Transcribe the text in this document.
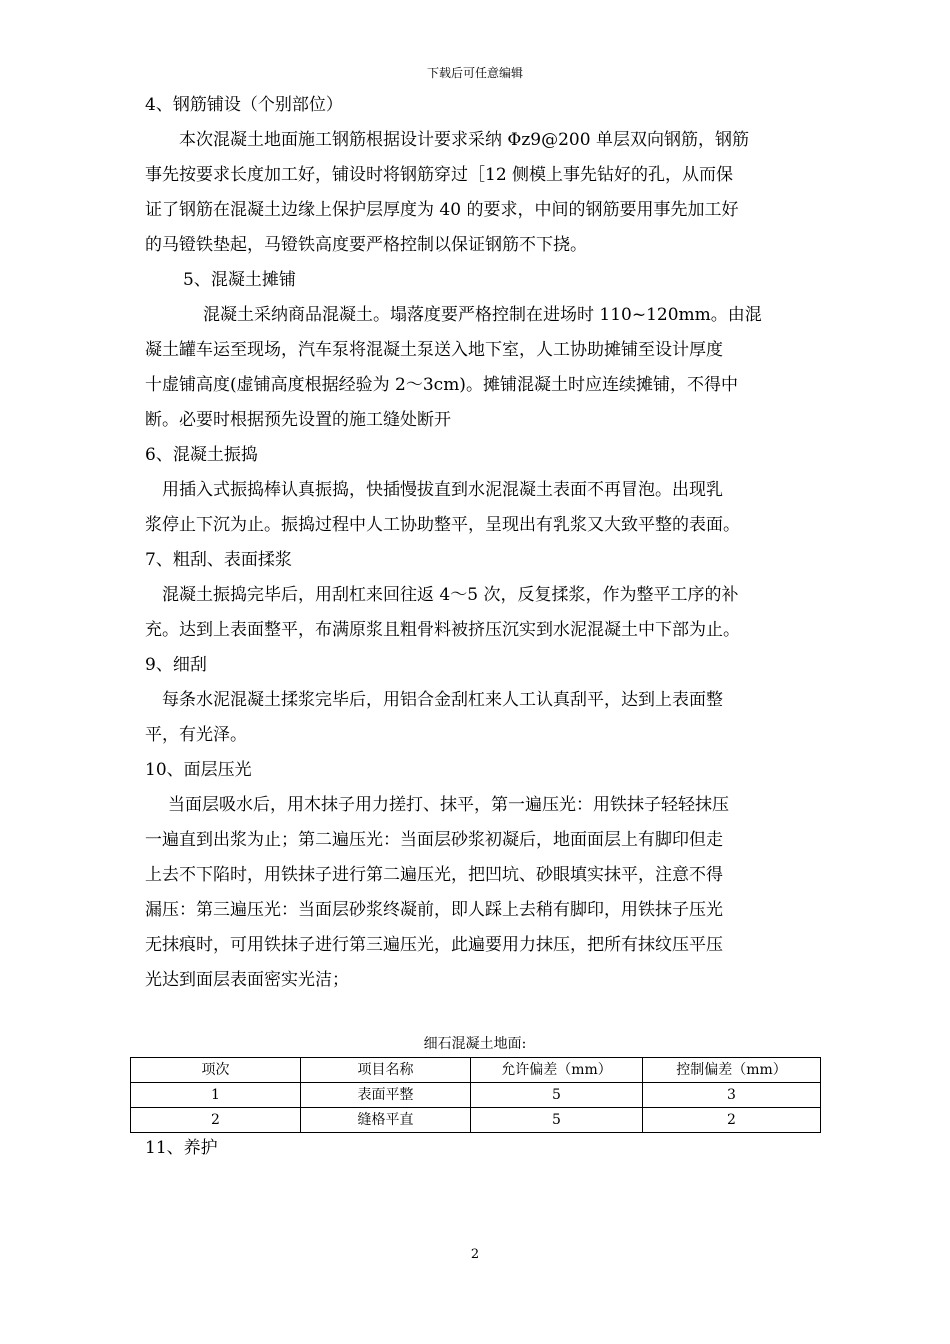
下载后可任意编辑
4、钢筋铺设（个别部位）
本次混凝土地面施工钢筋根据设计要求采纳 Φz9@200 单层双向钢筋，钢筋
事先按要求长度加工好，铺设时将钢筋穿过［12 侧模上事先钻好的孔，从而保
证了钢筋在混凝土边缘上保护层厚度为 40 的要求，中间的钢筋要用事先加工好
的马镫铁垫起，马镫铁高度要严格控制以保证钢筋不下挠。
5、混凝土摊铺
混凝土采纳商品混凝土。塌落度要严格控制在进场时 110~120mm。由混
凝土罐车运至现场，汽车泵将混凝土泵送入地下室，人工协助摊铺至设计厚度
十虚铺高度(虚铺高度根据经验为 2～3cm)。摊铺混凝土时应连续摊铺，不得中
断。必要时根据预先设置的施工缝处断开
6、混凝土振捣
用插入式振捣棒认真振捣，快插慢拔直到水泥混凝土表面不再冒泡。出现乳
浆停止下沉为止。振捣过程中人工协助整平，呈现出有乳浆又大致平整的表面。
7、粗刮、表面揉浆
混凝土振捣完毕后，用刮杠来回往返 4～5 次，反复揉浆，作为整平工序的补
充。达到上表面整平，布满原浆且粗骨料被挤压沉实到水泥混凝土中下部为止。
9、细刮
每条水泥混凝土揉浆完毕后，用铝合金刮杠来人工认真刮平，达到上表面整
平，有光泽。
10、面层压光
当面层吸水后，用木抹子用力搓打、抹平，第一遍压光：用铁抹子轻轻抹压
一遍直到出浆为止；第二遍压光：当面层砂浆初凝后，地面面层上有脚印但走
上去不下陷时，用铁抹子进行第二遍压光，把凹坑、砂眼填实抹平，注意不得
漏压：第三遍压光：当面层砂浆终凝前，即人踩上去稍有脚印，用铁抹子压光
无抹痕时，可用铁抹子进行第三遍压光，此遍要用力抹压，把所有抹纹压平压
光达到面层表面密实光洁；
细石混凝土地面:
项次	项目名称	允许偏差（mm）	控制偏差（mm）
1	表面平整	5	3
2	缝格平直	5	2
11、养护
2
